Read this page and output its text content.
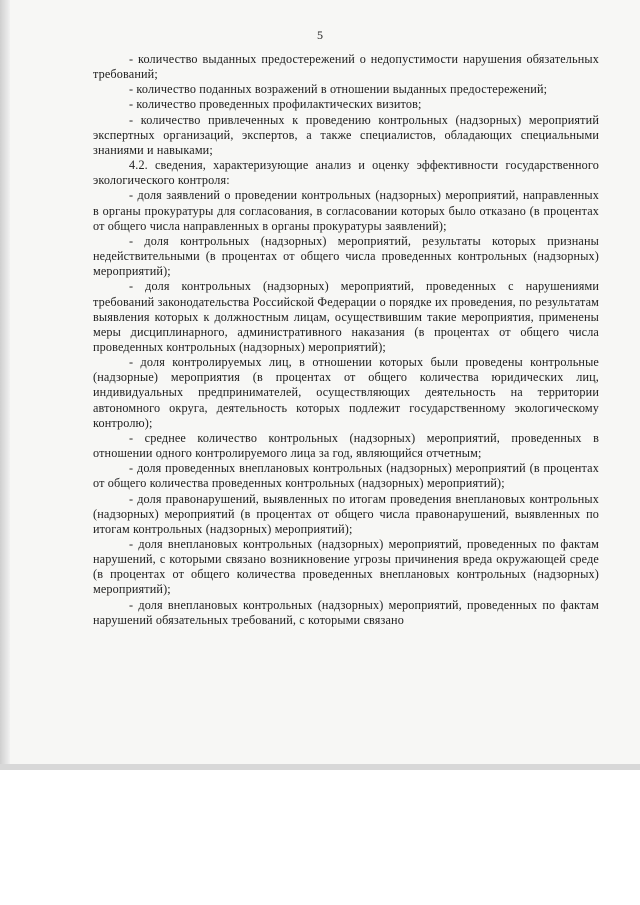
5

- количество выданных предостережений о недопустимости нарушения обязательных требований;

- количество поданных возражений в отношении выданных предостережений;

- количество проведенных профилактических визитов;

- количество привлеченных к проведению контрольных (надзорных) мероприятий экспертных организаций, экспертов, а также специалистов, обладающих специальными знаниями и навыками;

4.2. сведения, характеризующие анализ и оценку эффективности государственного экологического контроля:

- доля заявлений о проведении контрольных (надзорных) мероприятий, направленных в органы прокуратуры для согласования, в согласовании которых было отказано (в процентах от общего числа направленных в органы прокуратуры заявлений);

- доля контрольных (надзорных) мероприятий, результаты которых признаны недействительными (в процентах от общего числа проведенных контрольных (надзорных) мероприятий);

- доля контрольных (надзорных) мероприятий, проведенных с нарушениями требований законодательства Российской Федерации о порядке их проведения, по результатам выявления которых к должностным лицам, осуществившим такие мероприятия, применены меры дисциплинарного, административного наказания (в процентах от общего числа проведенных контрольных (надзорных) мероприятий);

- доля контролируемых лиц, в отношении которых были проведены контрольные (надзорные) мероприятия (в процентах от общего количества юридических лиц, индивидуальных предпринимателей, осуществляющих деятельность на территории автономного округа, деятельность которых подлежит государственному экологическому контролю);

- среднее количество контрольных (надзорных) мероприятий, проведенных в отношении одного контролируемого лица за год, являющийся отчетным;

- доля проведенных внеплановых контрольных (надзорных) мероприятий (в процентах от общего количества проведенных контрольных (надзорных) мероприятий);

- доля правонарушений, выявленных по итогам проведения внеплановых контрольных (надзорных) мероприятий (в процентах от общего числа правонарушений, выявленных по итогам контрольных (надзорных) мероприятий);

- доля внеплановых контрольных (надзорных) мероприятий, проведенных по фактам нарушений, с которыми связано возникновение угрозы причинения вреда окружающей среде (в процентах от общего количества проведенных внеплановых контрольных (надзорных) мероприятий);

- доля внеплановых контрольных (надзорных) мероприятий, проведенных по фактам нарушений обязательных требований, с которыми связано
